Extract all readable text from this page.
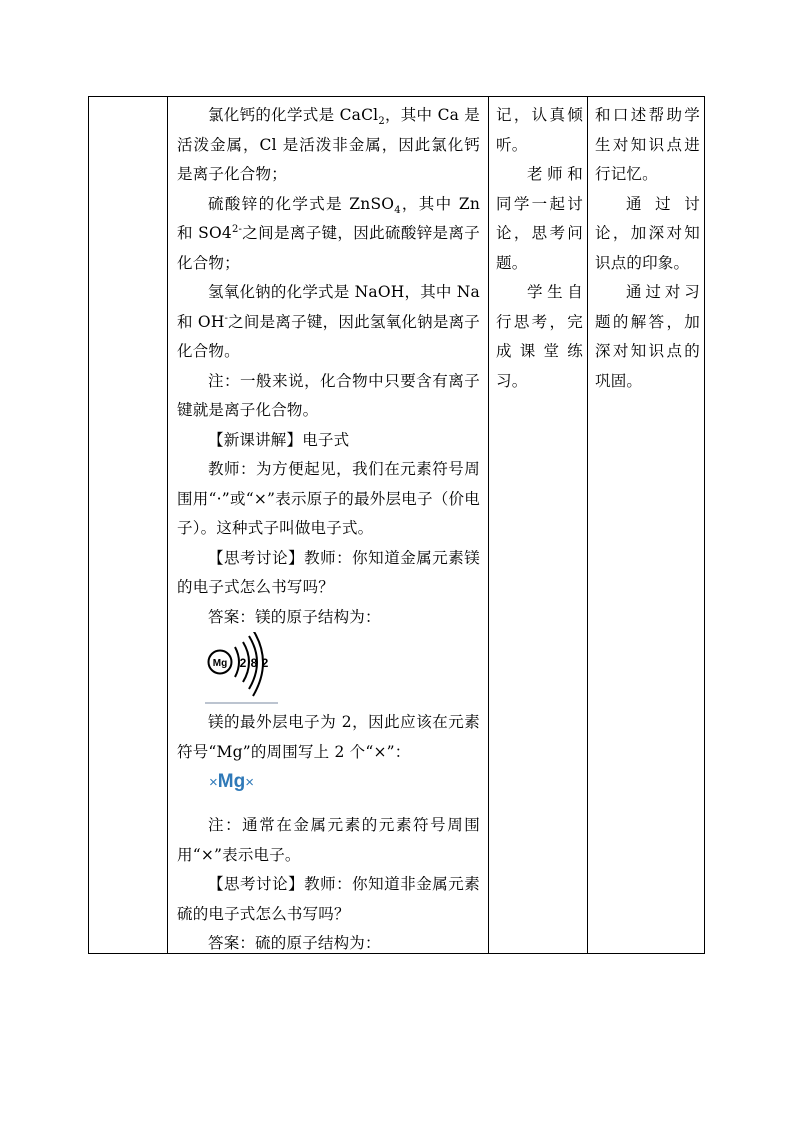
氯化钙的化学式是 CaCl$_2$，其中 Ca 是活泼金属，Cl 是活泼非金属，因此氯化钙是离子化合物；

硫酸锌的化学式是 ZnSO$_4$，其中 Zn 和 $SO4^{2-}$之间是离子键，因此硫酸锌是离子化合物；

氢氧化钠的化学式是 NaOH，其中 Na 和 OH-之间是离子键，因此氢氧化钠是离子化合物。

注：一般来说，化合物中只要含有离子键就是离子化合物。

【新课讲解】电子式

教师：为方便起见，我们在元素符号周围用“·”或“×”表示原子的最外层电子（价电子）。这种式子叫做电子式。

【思考讨论】教师：你知道金属元素镁的电子式怎么书写吗？

答案：镁的原子结构为：

Mg 2 8 2

镁的最外层电子为 2，因此应该在元素符号“Mg”的周围写上 2 个“×”：

×Mg×

注：通常在金属元素的元素符号周围用“×”表示电子。

【思考讨论】教师：你知道非金属元素硫的电子式怎么书写吗？

答案：硫的原子结构为：

记，认真倾听。

老师和同学一起讨论，思考问题。

学生自行思考，完成课堂练习。

和口述帮助学生对知识点进行记忆。

通过讨论，加深对知识点的印象。

通过对习题的解答，加深对知识点的巩固。
